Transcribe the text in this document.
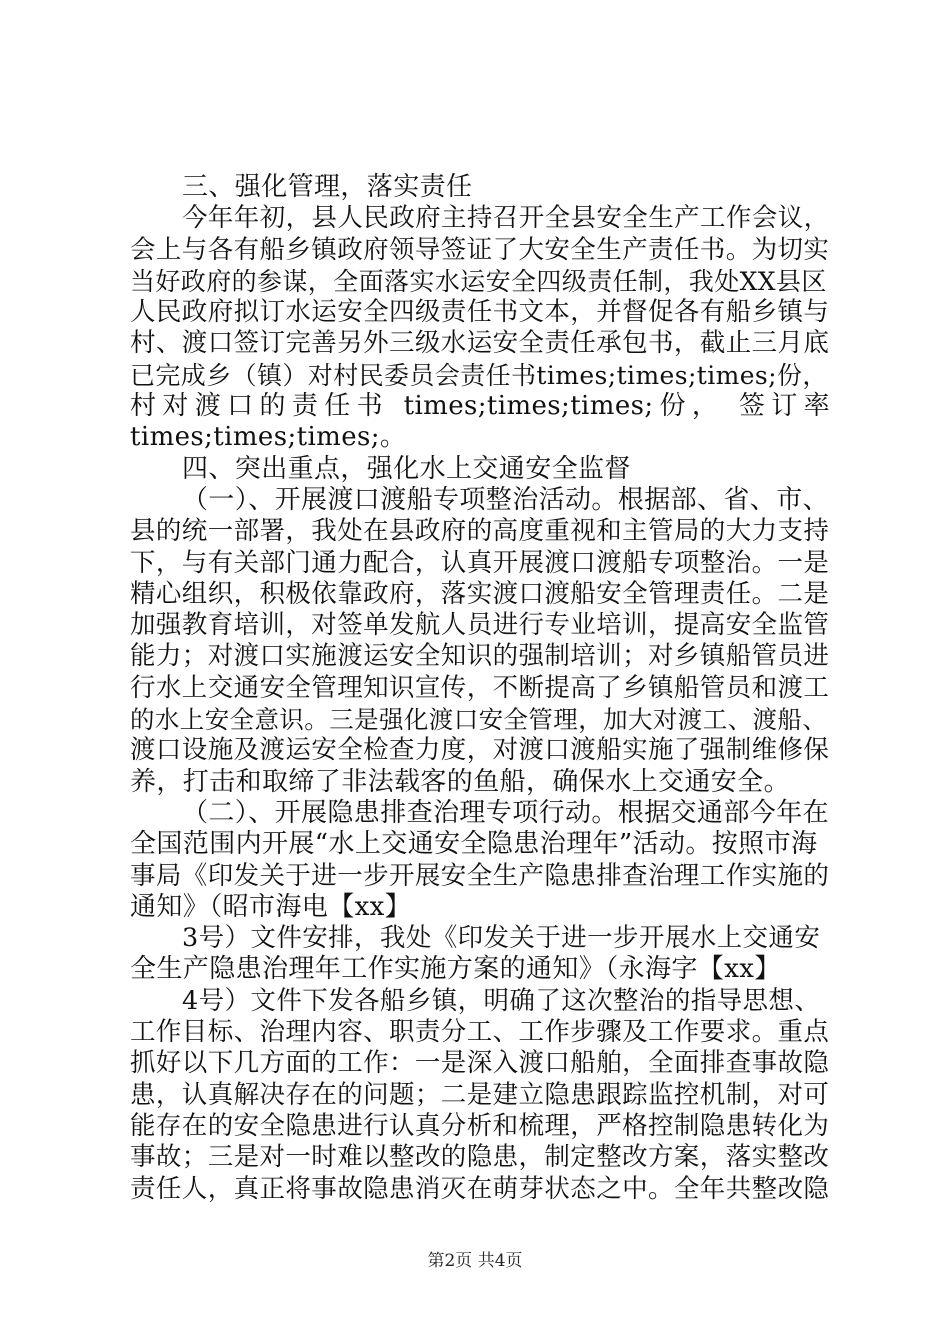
三、强化管理，落实责任
今年年初，县人民政府主持召开全县安全生产工作会议，
会上与各有船乡镇政府领导签证了大安全生产责任书。为切实
当好政府的参谋，全面落实水运安全四级责任制，我处XX县区
人民政府拟订水运安全四级责任书文本，并督促各有船乡镇与
村、渡口签订完善另外三级水运安全责任承包书，截止三月底
已完成乡（镇）对村民委员会责任书times;times;times;份，
村对渡口的责任书 times;times;times;份， 签订率
times;times;times;。
四、突出重点，强化水上交通安全监督
（一）、开展渡口渡船专项整治活动。根据部、省、市、
县的统一部署，我处在县政府的高度重视和主管局的大力支持
下，与有关部门通力配合，认真开展渡口渡船专项整治。一是
精心组织，积极依靠政府，落实渡口渡船安全管理责任。二是
加强教育培训，对签单发航人员进行专业培训，提高安全监管
能力；对渡口实施渡运安全知识的强制培训；对乡镇船管员进
行水上交通安全管理知识宣传，不断提高了乡镇船管员和渡工
的水上安全意识。三是强化渡口安全管理，加大对渡工、渡船、
渡口设施及渡运安全检查力度，对渡口渡船实施了强制维修保
养，打击和取缔了非法载客的鱼船，确保水上交通安全。
（二）、开展隐患排查治理专项行动。根据交通部今年在
全国范围内开展“水上交通安全隐患治理年”活动。按照市海
事局《印发关于进一步开展安全生产隐患排查治理工作实施的
通知》（昭市海电【xx】
3号）文件安排，我处《印发关于进一步开展水上交通安
全生产隐患治理年工作实施方案的通知》（永海字【xx】
4号）文件下发各船乡镇，明确了这次整治的指导思想、
工作目标、治理内容、职责分工、工作步骤及工作要求。重点
抓好以下几方面的工作：一是深入渡口船舶，全面排查事故隐
患，认真解决存在的问题；二是建立隐患跟踪监控机制，对可
能存在的安全隐患进行认真分析和梳理，严格控制隐患转化为
事故；三是对一时难以整改的隐患，制定整改方案，落实整改
责任人，真正将事故隐患消灭在萌芽状态之中。全年共整改隐
第2页 共4页
